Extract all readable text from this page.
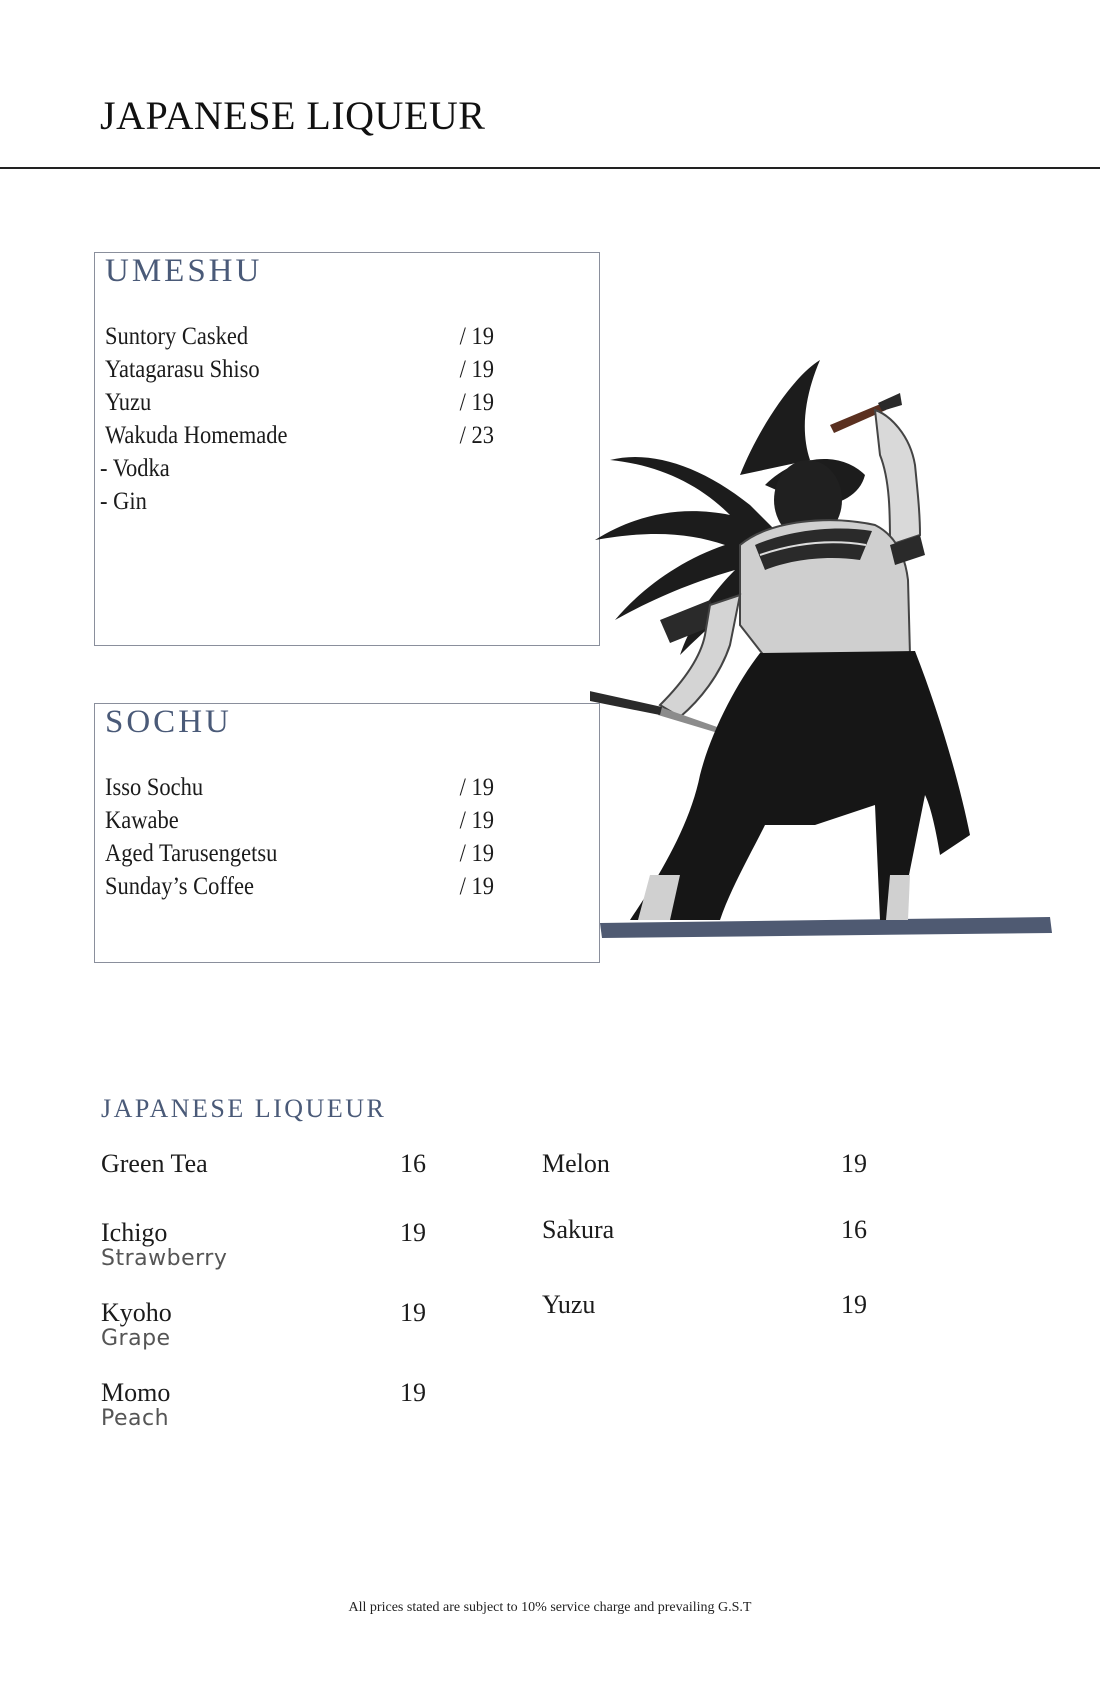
JAPANESE LIQUEUR
UMESHU
Suntory Casked	/ 19
Yatagarasu Shiso	/ 19
Yuzu	/ 19
Wakuda Homemade	/ 23
- Vodka
- Gin
SOCHU
Isso Sochu	/ 19
Kawabe	/ 19
Aged Tarusengetsu	/ 19
Sunday’s Coffee	/ 19
JAPANESE LIQUEUR
Green Tea	16
Ichigo
Strawberry
19
Kyoho
Grape
19
Momo
Peach
19
Melon	19
Sakura	16
Yuzu	19
All prices stated are subject to 10% service charge and prevailing G.S.T
